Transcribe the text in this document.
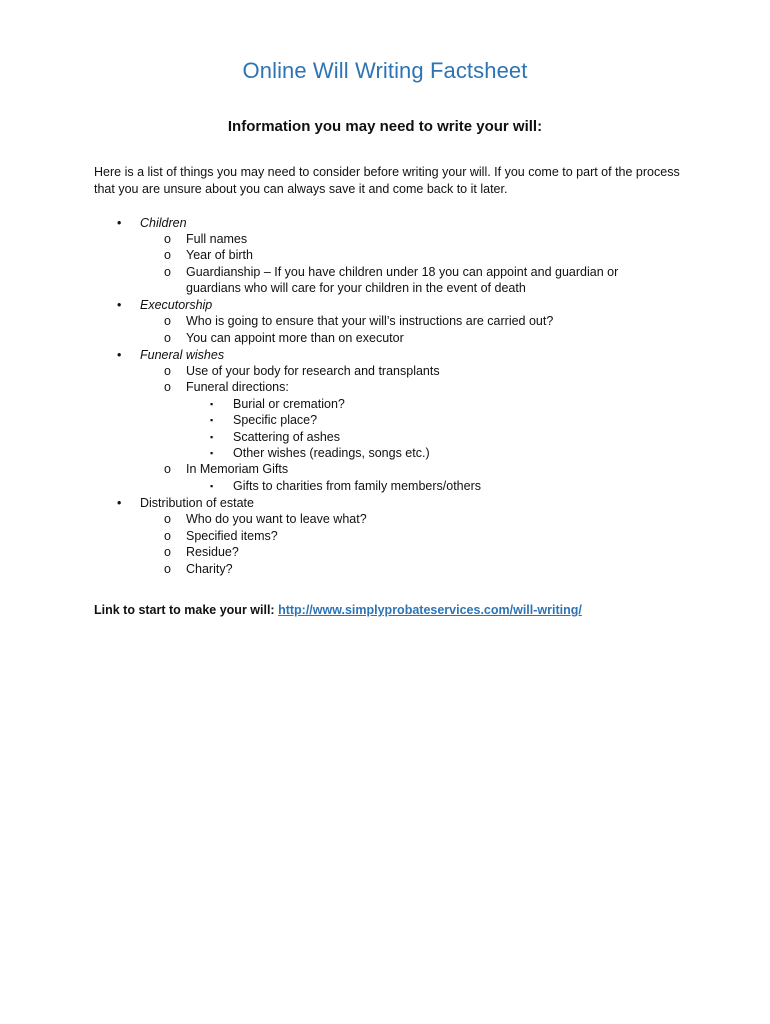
Online Will Writing Factsheet
Information you may need to write your will:
Here is a list of things you may need to consider before writing your will. If you come to part of the process that you are unsure about you can always save it and come back to it later.
• Children
o Full names
o Year of birth
o Guardianship – If you have children under 18 you can appoint and guardian or
guardians who will care for your children in the event of death
• Executorship
o Who is going to ensure that your will’s instructions are carried out?
o You can appoint more than on executor
• Funeral wishes
o Use of your body for research and transplants
o Funeral directions:
▪ Burial or cremation?
▪ Specific place?
▪ Scattering of ashes
▪ Other wishes (readings, songs etc.)
o In Memoriam Gifts
▪ Gifts to charities from family members/others
• Distribution of estate
o Who do you want to leave what?
o Specified items?
o Residue?
o Charity?
Link to start to make your will: http://www.simplyprobateservices.com/will-writing/
